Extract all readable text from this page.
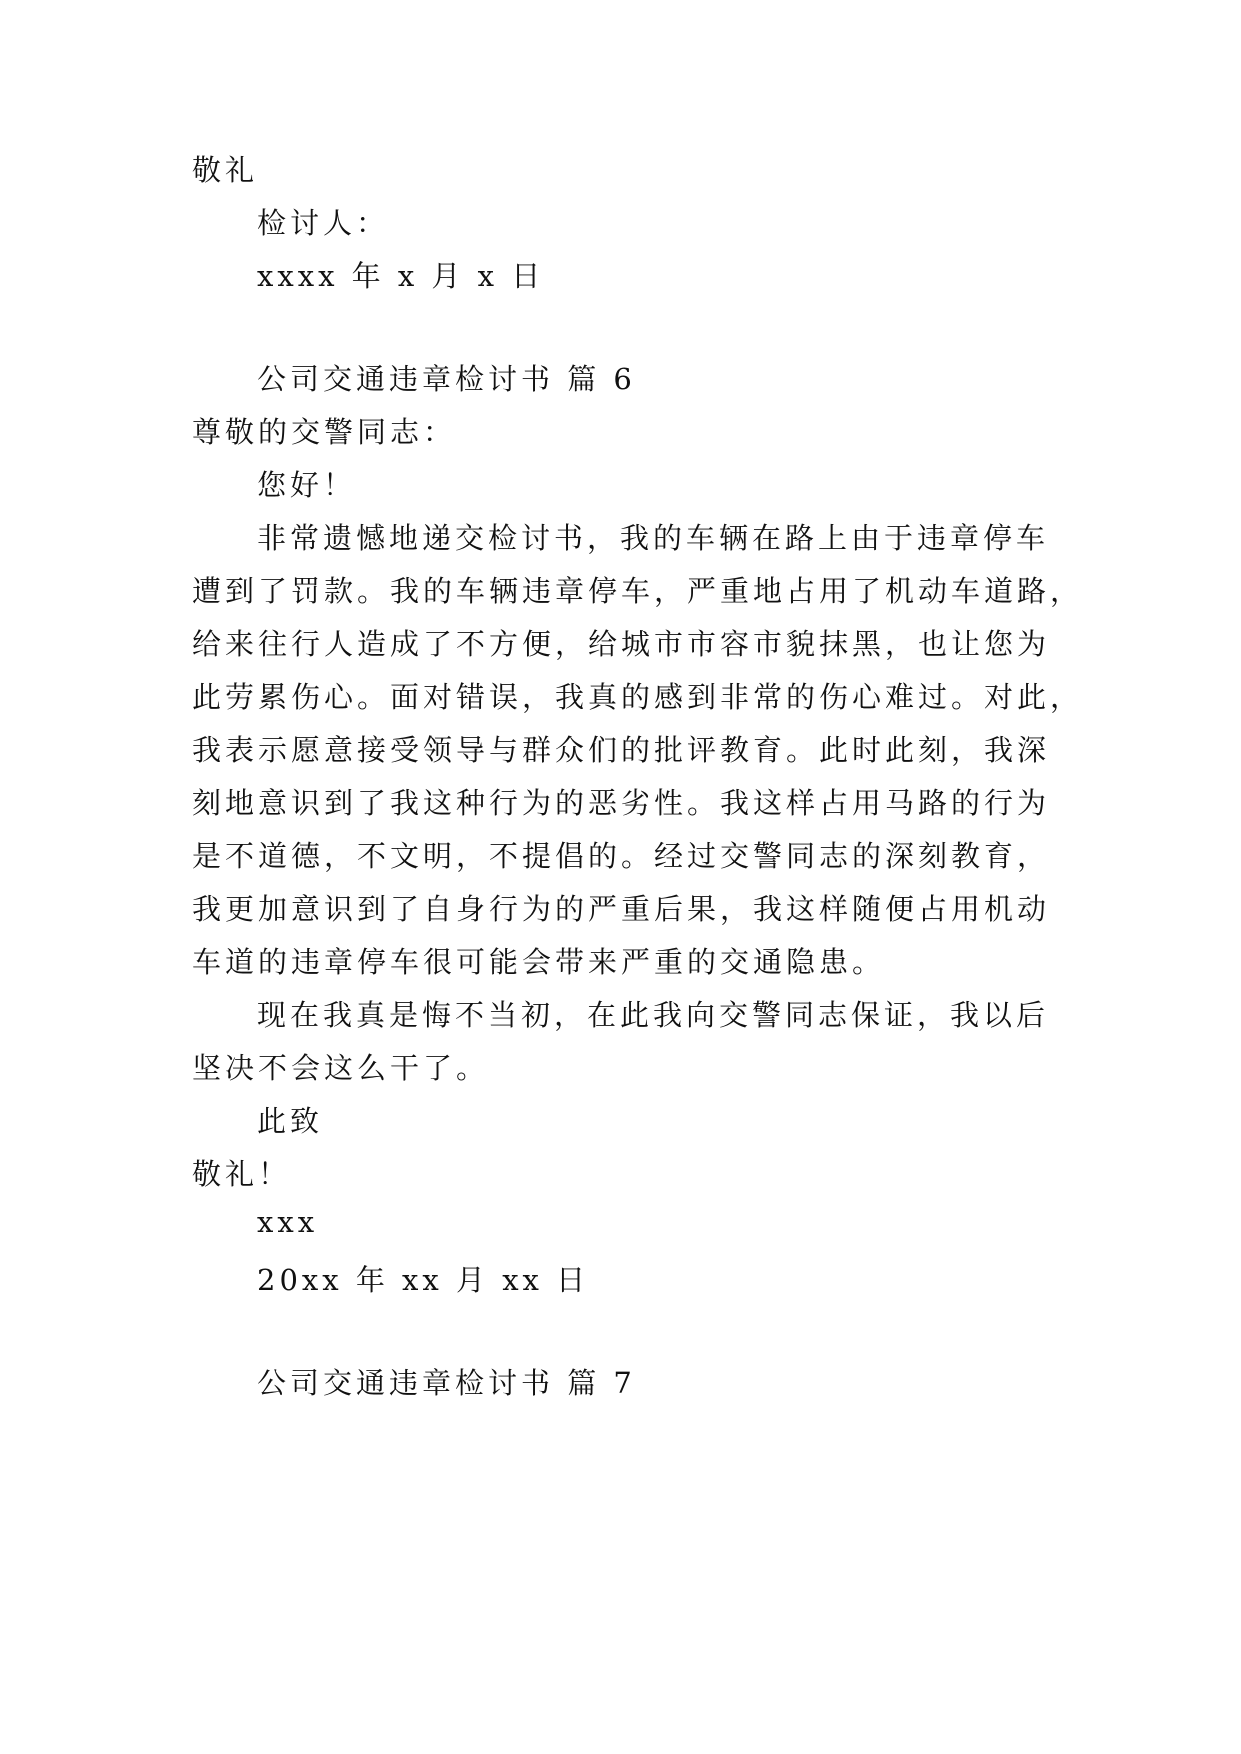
敬礼
检讨人：
xxxx 年 x 月 x 日
公司交通违章检讨书 篇 6
尊敬的交警同志：
您好！
非常遗憾地递交检讨书，我的车辆在路上由于违章停车
遭到了罚款。我的车辆违章停车，严重地占用了机动车道路，
给来往行人造成了不方便，给城市市容市貌抹黑，也让您为
此劳累伤心。面对错误，我真的感到非常的伤心难过。对此，
我表示愿意接受领导与群众们的批评教育。此时此刻，我深
刻地意识到了我这种行为的恶劣性。我这样占用马路的行为
是不道德，不文明，不提倡的。经过交警同志的深刻教育，
我更加意识到了自身行为的严重后果，我这样随便占用机动
车道的违章停车很可能会带来严重的交通隐患。
现在我真是悔不当初，在此我向交警同志保证，我以后
坚决不会这么干了。
此致
敬礼！
xxx
20xx 年 xx 月 xx 日
公司交通违章检讨书 篇 7
